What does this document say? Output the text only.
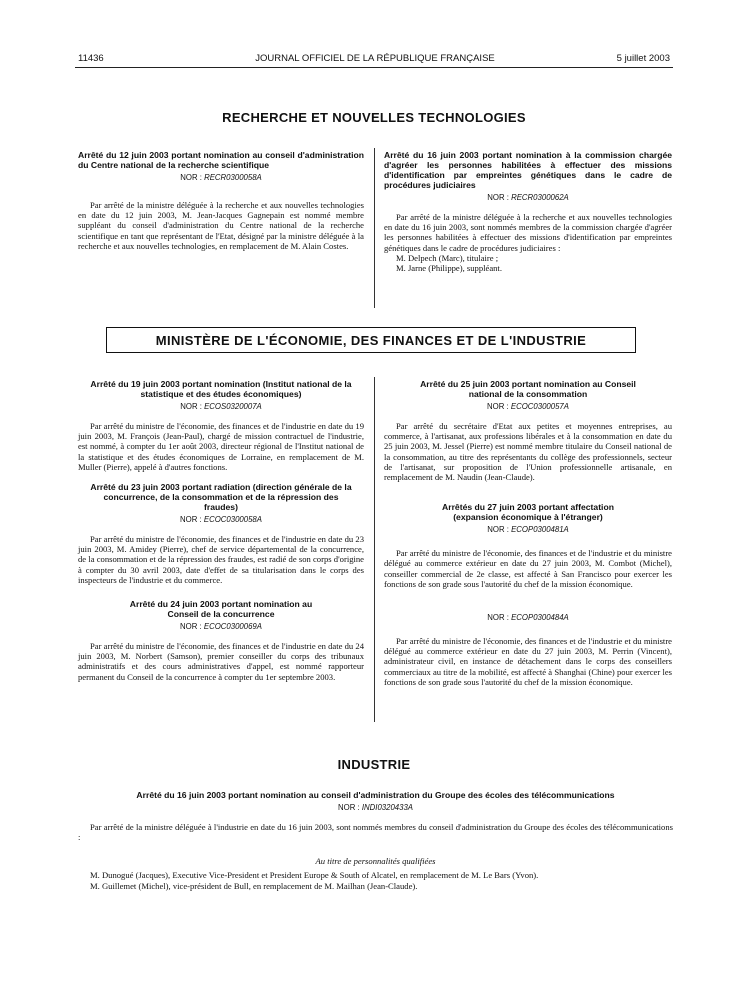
11436	JOURNAL OFFICIEL DE LA RÉPUBLIQUE FRANÇAISE	5 juillet 2003
RECHERCHE ET NOUVELLES TECHNOLOGIES

Arrêté du 12 juin 2003 portant nomination au conseil d'administration du Centre national de la recherche scientifique

NOR : RECR0300058A

Par arrêté de la ministre déléguée à la recherche et aux nouvelles technologies en date du 12 juin 2003, M. Jean-Jacques Gagnepain est nommé membre suppléant du conseil d'administration du Centre national de la recherche scientifique en tant que représentant de l'Etat, désigné par la ministre déléguée à la recherche et aux nouvelles technologies, en remplacement de M. Alain Costes.

Arrêté du 16 juin 2003 portant nomination à la commission chargée d'agréer les personnes habilitées à effectuer des missions d'identification par empreintes génétiques dans le cadre de procédures judiciaires

NOR : RECR0300062A

Par arrêté de la ministre déléguée à la recherche et aux nouvelles technologies en date du 16 juin 2003, sont nommés membres de la commission chargée d'agréer les personnes habilitées à effectuer des missions d'identification par empreintes génétiques dans le cadre de procédures judiciaires :

M. Delpech (Marc), titulaire ;

M. Jarne (Philippe), suppléant.

MINISTÈRE DE L'ÉCONOMIE, DES FINANCES ET DE L'INDUSTRIE

Arrêté du 19 juin 2003 portant nomination (Institut national de la statistique et des études économiques)

NOR : ECOS0320007A

Par arrêté du ministre de l'économie, des finances et de l'industrie en date du 19 juin 2003, M. François (Jean-Paul), chargé de mission contractuel de l'industrie, est nommé, à compter du 1er août 2003, directeur régional de l'Institut national de la statistique et des études économiques de Lorraine, en remplacement de M. Muller (Pierre), appelé à d'autres fonctions.

Arrêté du 23 juin 2003 portant radiation (direction générale de la concurrence, de la consommation et de la répression des fraudes)

NOR : ECOC0300058A

Par arrêté du ministre de l'économie, des finances et de l'industrie en date du 23 juin 2003, M. Amidey (Pierre), chef de service départemental de la concurrence, de la consommation et de la répression des fraudes, est radié de son corps d'origine à compter du 30 avril 2003, date d'effet de sa titularisation dans le corps des inspecteurs de l'industrie et du commerce.

Arrêté du 24 juin 2003 portant nomination au Conseil de la concurrence

NOR : ECOC0300069A

Par arrêté du ministre de l'économie, des finances et de l'industrie en date du 24 juin 2003, M. Norbert (Samson), premier conseiller du corps des tribunaux administratifs et des cours administratives d'appel, est nommé rapporteur permanent du Conseil de la concurrence à compter du 1er septembre 2003.

Arrêté du 25 juin 2003 portant nomination au Conseil national de la consommation

NOR : ECOC0300057A

Par arrêté du secrétaire d'Etat aux petites et moyennes entreprises, au commerce, à l'artisanat, aux professions libérales et à la consommation en date du 25 juin 2003, M. Jessel (Pierre) est nommé membre titulaire du Conseil national de la consommation, au titre des représentants du collège des professionnels, secteur de l'artisanat, sur proposition de l'Union professionnelle artisanale, en remplacement de M. Naudin (Jean-Claude).

Arrêtés du 27 juin 2003 portant affectation (expansion économique à l'étranger)

NOR : ECOP0300481A

Par arrêté du ministre de l'économie, des finances et de l'industrie et du ministre délégué au commerce extérieur en date du 27 juin 2003, M. Combot (Michel), conseiller commercial de 2e classe, est affecté à San Francisco pour exercer les fonctions de son grade sous l'autorité du chef de la mission économique.

NOR : ECOP0300484A

Par arrêté du ministre de l'économie, des finances et de l'industrie et du ministre délégué au commerce extérieur en date du 27 juin 2003, M. Perrin (Vincent), administrateur civil, en instance de détachement dans le corps des conseillers commerciaux au titre de la mobilité, est affecté à Shanghai (Chine) pour exercer les fonctions de son grade sous l'autorité du chef de la mission économique.

INDUSTRIE

Arrêté du 16 juin 2003 portant nomination au conseil d'administration du Groupe des écoles des télécommunications

NOR : INDI0320433A

Par arrêté de la ministre déléguée à l'industrie en date du 16 juin 2003, sont nommés membres du conseil d'administration du Groupe des écoles des télécommunications :

Au titre de personnalités qualifiées

M. Dunogué (Jacques), Executive Vice-President et President Europe & South of Alcatel, en remplacement de M. Le Bars (Yvon).

M. Guillemet (Michel), vice-président de Bull, en remplacement de M. Mailhan (Jean-Claude).
